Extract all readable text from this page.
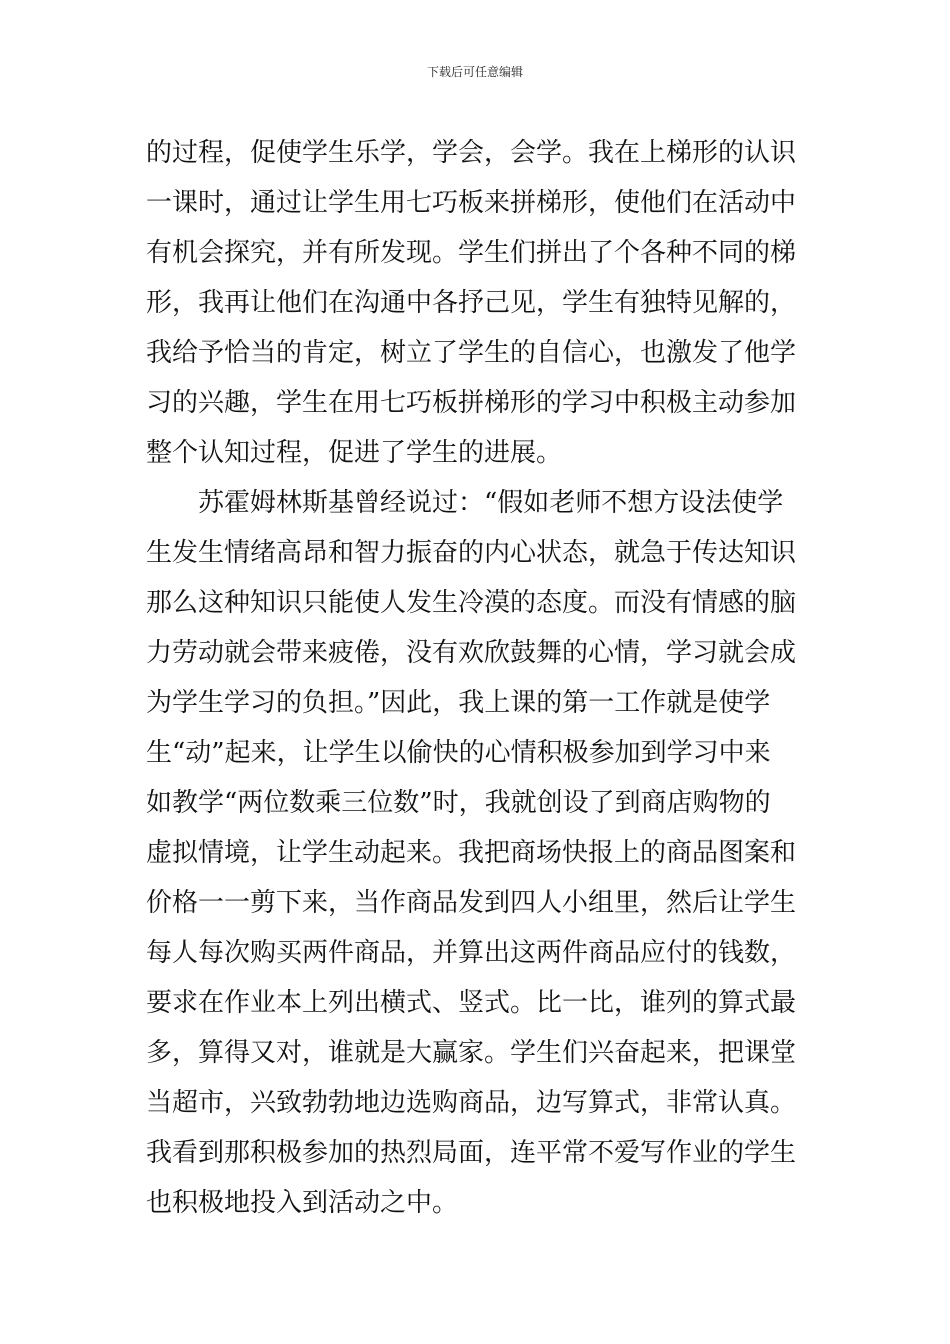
下载后可任意编辑
的过程，促使学生乐学，学会，会学。我在上梯形的认识
一课时，通过让学生用七巧板来拼梯形，使他们在活动中
有机会探究，并有所发现。学生们拼出了个各种不同的梯
形，我再让他们在沟通中各抒己见，学生有独特见解的，
我给予恰当的肯定，树立了学生的自信心，也激发了他学
习的兴趣，学生在用七巧板拼梯形的学习中积极主动参加
整个认知过程，促进了学生的进展。
苏霍姆林斯基曾经说过：“假如老师不想方设法使学
生发生情绪高昂和智力振奋的内心状态，就急于传达知识
那么这种知识只能使人发生冷漠的态度。而没有情感的脑
力劳动就会带来疲倦，没有欢欣鼓舞的心情，学习就会成
为学生学习的负担。”因此，我上课的第一工作就是使学
生“动”起来，让学生以偷快的心情积极参加到学习中来
如教学“两位数乘三位数”时，我就创设了到商店购物的
虚拟情境，让学生动起来。我把商场快报上的商品图案和
价格一一剪下来，当作商品发到四人小组里，然后让学生
每人每次购买两件商品，并算出这两件商品应付的钱数，
要求在作业本上列出横式、竖式。比一比，谁列的算式最
多，算得又对，谁就是大赢家。学生们兴奋起来，把课堂
当超市，兴致勃勃地边选购商品，边写算式，非常认真。
我看到那积极参加的热烈局面，连平常不爱写作业的学生
也积极地投入到活动之中。
